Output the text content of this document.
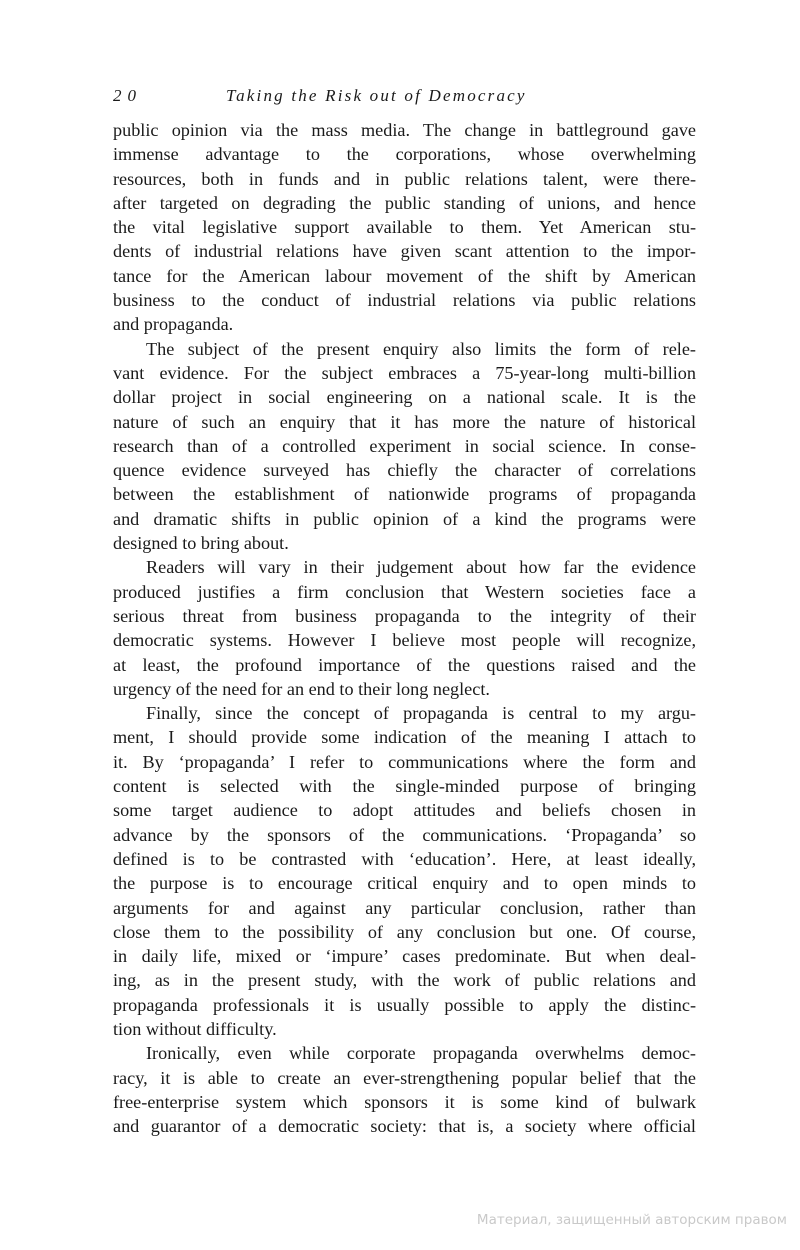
20	Taking the Risk out of Democracy
public opinion via the mass media. The change in battleground gave
immense advantage to the corporations, whose overwhelming
resources, both in funds and in public relations talent, were there-
after targeted on degrading the public standing of unions, and hence
the vital legislative support available to them. Yet American stu-
dents of industrial relations have given scant attention to the impor-
tance for the American labour movement of the shift by American
business to the conduct of industrial relations via public relations
and propaganda.
The subject of the present enquiry also limits the form of rele-
vant evidence. For the subject embraces a 75-year-long multi-billion
dollar project in social engineering on a national scale. It is the
nature of such an enquiry that it has more the nature of historical
research than of a controlled experiment in social science. In conse-
quence evidence surveyed has chiefly the character of correlations
between the establishment of nationwide programs of propaganda
and dramatic shifts in public opinion of a kind the programs were
designed to bring about.
Readers will vary in their judgement about how far the evidence
produced justifies a firm conclusion that Western societies face a
serious threat from business propaganda to the integrity of their
democratic systems. However I believe most people will recognize,
at least, the profound importance of the questions raised and the
urgency of the need for an end to their long neglect.
Finally, since the concept of propaganda is central to my argu-
ment, I should provide some indication of the meaning I attach to
it. By ‘propaganda’ I refer to communications where the form and
content is selected with the single-minded purpose of bringing
some target audience to adopt attitudes and beliefs chosen in
advance by the sponsors of the communications. ‘Propaganda’ so
defined is to be contrasted with ‘education’. Here, at least ideally,
the purpose is to encourage critical enquiry and to open minds to
arguments for and against any particular conclusion, rather than
close them to the possibility of any conclusion but one. Of course,
in daily life, mixed or ‘impure’ cases predominate. But when deal-
ing, as in the present study, with the work of public relations and
propaganda professionals it is usually possible to apply the distinc-
tion without difficulty.
Ironically, even while corporate propaganda overwhelms democ-
racy, it is able to create an ever-strengthening popular belief that the
free-enterprise system which sponsors it is some kind of bulwark
and guarantor of a democratic society: that is, a society where official
Материал, защищенный авторским правом
